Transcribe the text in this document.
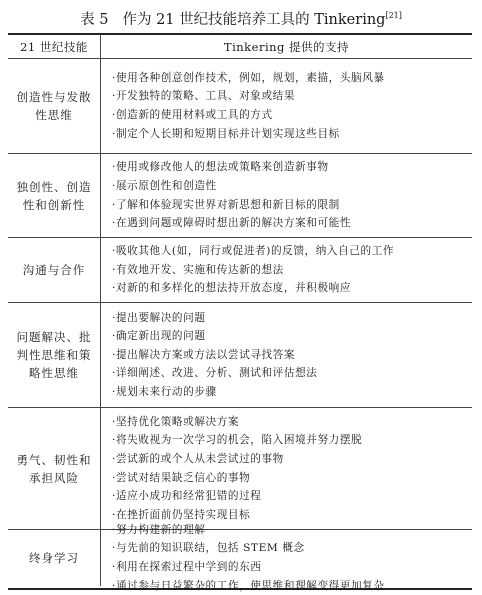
表 5 作为 21 世纪技能培养工具的 Tinkering[21]
21 世纪技能	Tinkering 提供的支持
创造性与发散性思维
·使用各种创意创作技术，例如，规划，素描，头脑风暴
·开发独特的策略、工具、对象或结果
·创造新的使用材料或工具的方式
·制定个人长期和短期目标并计划实现这些目标
独创性、创造性和创新性
·使用或修改他人的想法或策略来创造新事物
·展示原创性和创造性
·了解和体验现实世界对新思想和新目标的限制
·在遇到问题或障碍时想出新的解决方案和可能性
沟通与合作
·吸收其他人(如，同行或促进者)的反馈，纳入自己的工作
·有效地开发、实施和传达新的想法
·对新的和多样化的想法持开放态度，并积极响应
问题解决、批判性思维和策略性思维
·提出要解决的问题
·确定新出现的问题
·提出解决方案或方法以尝试寻找答案
·详细阐述、改进、分析、测试和评估想法
·规划未来行动的步骤
勇气、韧性和承担风险
·坚持优化策略或解决方案
·将失败视为一次学习的机会，陷入困境并努力摆脱
·尝试新的或个人从未尝试过的事物
·尝试对结果缺乏信心的事物
·适应小成功和经常犯错的过程
·在挫折面前仍坚持实现目标
终身学习
·努力构建新的理解
·与先前的知识联结，包括 STEM 概念
·利用在探索过程中学到的东西
·通过参与日益繁杂的工作，使思维和理解变得更加复杂
